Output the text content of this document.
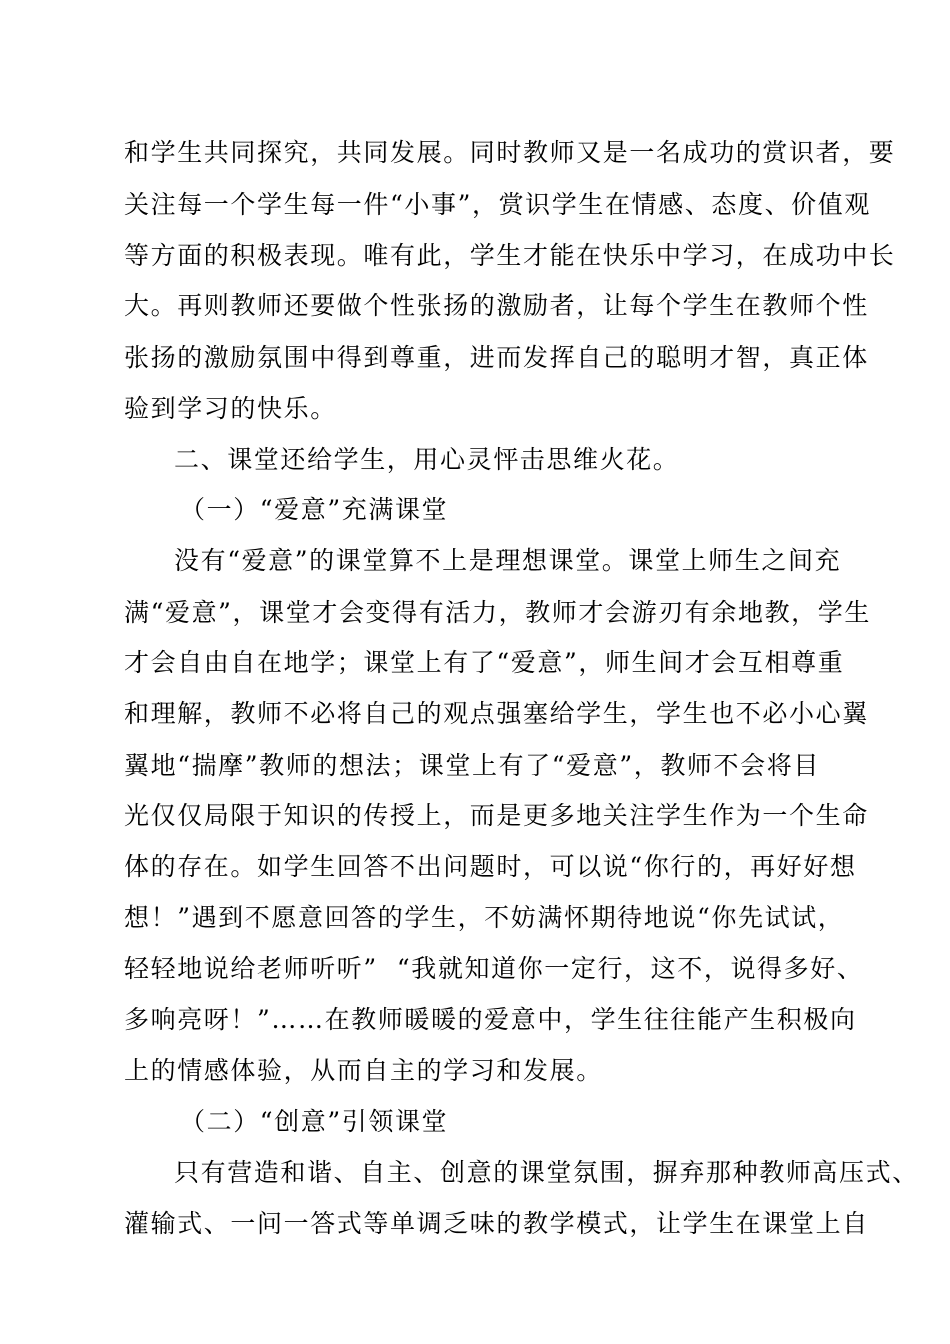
和学生共同探究，共同发展。同时教师又是一名成功的赏识者，要
关注每一个学生每一件“小事”，赏识学生在情感、态度、价值观
等方面的积极表现。唯有此，学生才能在快乐中学习，在成功中长
大。再则教师还要做个性张扬的激励者，让每个学生在教师个性
张扬的激励氛围中得到尊重，进而发挥自己的聪明才智，真正体
验到学习的快乐。
二、课堂还给学生，用心灵怦击思维火花。
（一）“爱意”充满课堂
没有“爱意”的课堂算不上是理想课堂。课堂上师生之间充
满“爱意”，课堂才会变得有活力，教师才会游刃有余地教，学生
才会自由自在地学；课堂上有了“爱意”，师生间才会互相尊重
和理解，教师不必将自己的观点强塞给学生，学生也不必小心翼
翼地“揣摩”教师的想法；课堂上有了“爱意”，教师不会将目
光仅仅局限于知识的传授上，而是更多地关注学生作为一个生命
体的存在。如学生回答不出问题时，可以说“你行的，再好好想
想！”遇到不愿意回答的学生，不妨满怀期待地说“你先试试，
轻轻地说给老师听听”  “我就知道你一定行，这不，说得多好、
多响亮呀！”……在教师暖暖的爱意中，学生往往能产生积极向
上的情感体验，从而自主的学习和发展。
（二）“创意”引领课堂
只有营造和谐、自主、创意的课堂氛围，摒弃那种教师高压式、
灌输式、一问一答式等单调乏味的教学模式，让学生在课堂上自
